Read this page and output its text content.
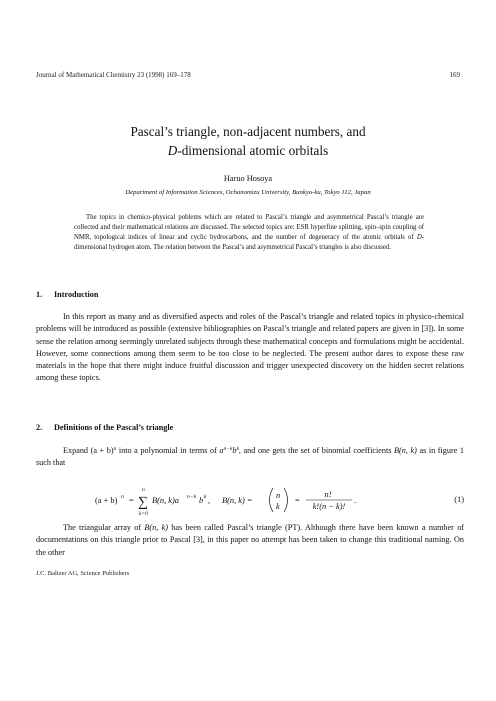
Journal of Mathematical Chemistry 23 (1998) 169–178	169
Pascal’s triangle, non-adjacent numbers, and
D-dimensional atomic orbitals
Haruo Hosoya
Department of Information Sciences, Ochanomizu University, Bunkyo-ku, Tokyo 112, Japan
The topics in chemico-physical poblems which are related to Pascal’s triangle and asymmetrical Pascal’s triangle are collected and their mathematical relations are discussed. The selected topics are: ESR hyperfine splitting, spin–spin coupling of NMR, topological indices of linear and cyclic hydrocarbons, and the number of degeneracy of the atomic orbitals of D-dimensional hydrogen atom. The relation between the Pascal’s and asymmetrical Pascal’s triangles is also discussed.
1. Introduction
In this report as many and as diversified aspects and roles of the Pascal’s triangle and related topics in physico-chemical problems will be introduced as possible (extensive bibliographies on Pascal’s triangle and related papers are given in [3]). In some sense the relation among seemingly unrelated subjects through these mathematical concepts and formulations might be accidental. However, some connections among them seem to be too close to be neglected. The present author dares to expose these raw materials in the hope that there might induce fruitful discussion and trigger unexpected discovery on the hidden secret relations among these topics.
2. Definitions of the Pascal’s triangle
Expand $(a + b)^n$ into a polynomial in terms of $a^{n-k}b^k$, and one gets the set of binomial coefficients B(n, k) as in figure 1 such that
(a + b) n =
n
∑
k=0
B(n, k)a n−k b k , B(n, k) =
n
k
=
n!
k!(n − k)!
.	(1)
The triangular array of B(n, k) has been called Pascal’s triangle (PT). Although there have been known a number of documentations on this triangle prior to Pascal [3], in this paper no attempt has been taken to change this traditional naming. On the other
J.C. Baltzer AG, Science Publishers
